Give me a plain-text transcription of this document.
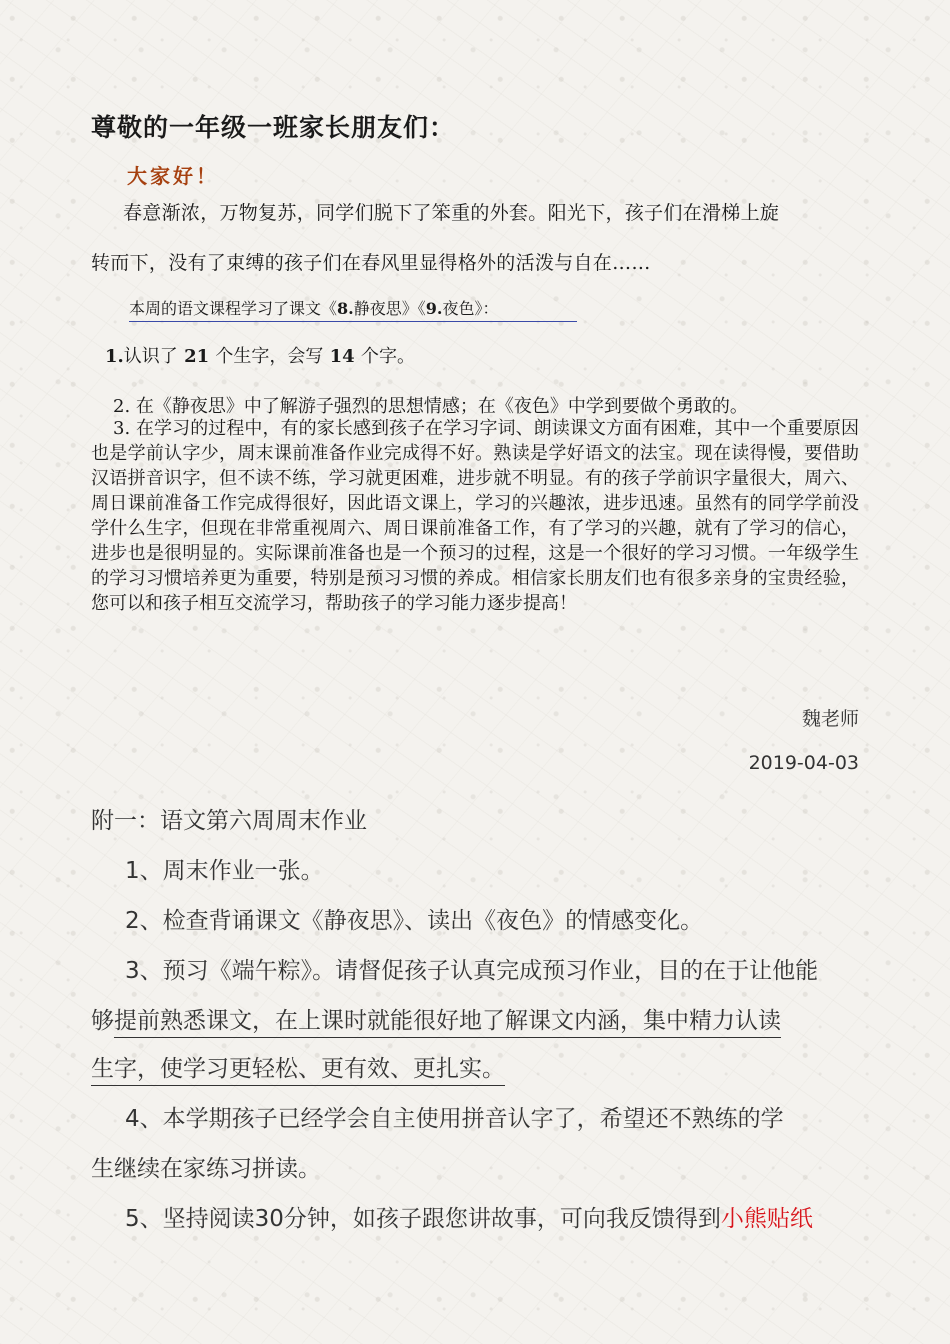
尊敬的一年级一班家长朋友们：
大家好！
春意渐浓，万物复苏，同学们脱下了笨重的外套。阳光下，孩子们在滑梯上旋
转而下，没有了束缚的孩子们在春风里显得格外的活泼与自在……
本周的语文课程学习了课文《8.静夜思》《9.夜色》：
1.认识了 21 个生字，会写 14 个字。
2. 在《静夜思》中了解游子强烈的思想情感；在《夜色》中学到要做个勇敢的。
3. 在学习的过程中，有的家长感到孩子在学习字词、朗读课文方面有困难，其中一个重要原因也是学前认字少，周末课前准备作业完成得不好。熟读是学好语文的法宝。现在读得慢，要借助汉语拼音识字，但不读不练，学习就更困难，进步就不明显。有的孩子学前识字量很大，周六、周日课前准备工作完成得很好，因此语文课上，学习的兴趣浓，进步迅速。虽然有的同学学前没学什么生字，但现在非常重视周六、周日课前准备工作，有了学习的兴趣，就有了学习的信心，进步也是很明显的。实际课前准备也是一个预习的过程，这是一个很好的学习习惯。一年级学生的学习习惯培养更为重要，特别是预习习惯的养成。相信家长朋友们也有很多亲身的宝贵经验，您可以和孩子相互交流学习，帮助孩子的学习能力逐步提高！
魏老师
2019-04-03
附一：语文第六周周末作业
1、周末作业一张。
2、检查背诵课文《静夜思》、读出《夜色》的情感变化。
3、预习《端午粽》。请督促孩子认真完成预习作业，目的在于让他能
够提前熟悉课文，在上课时就能很好地了解课文内涵，集中精力认读
生字，使学习更轻松、更有效、更扎实。
4、本学期孩子已经学会自主使用拼音认字了，希望还不熟练的学
生继续在家练习拼读。
5、坚持阅读30分钟，如孩子跟您讲故事，可向我反馈得到小熊贴纸
